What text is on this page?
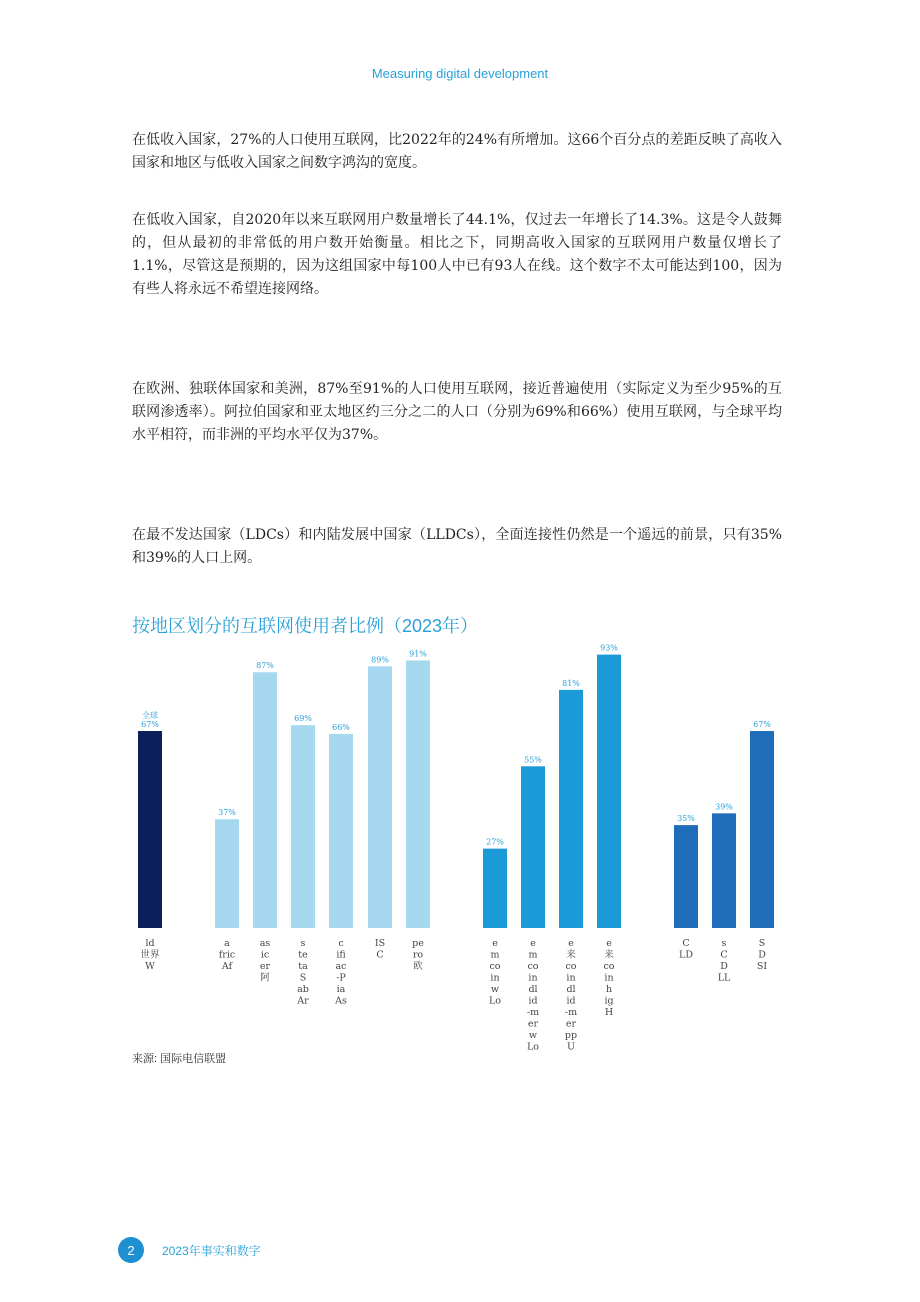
Measuring digital development

在低收入国家，27%的人口使用互联网，比2022年的24%有所增加。这66个百分点的差距反映了高收入国家和地区与低收入国家之间数字鸿沟的宽度。

在低收入国家，自2020年以来互联网用户数量增长了44.1%，仅过去一年增长了14.3%。这是令人鼓舞的，但从最初的非常低的用户数开始衡量。相比之下，同期高收入国家的互联网用户数量仅增长了1.1%，尽管这是预期的，因为这组国家中每100人中已有93人在线。这个数字不太可能达到100，因为有些人将永远不希望连接网络。

在欧洲、独联体国家和美洲，87%至91%的人口使用互联网，接近普遍使用（实际定义为至少95%的互联网渗透率）。阿拉伯国家和亚太地区约三分之二的人口（分别为69%和66%）使用互联网，与全球平均水平相符，而非洲的平均水平仅为37%。

在最不发达国家（LDCs）和内陆发展中国家（LLDCs），全面连接性仍然是一个遥远的前景，只有35%和39%的人口上网。

按地区划分的互联网使用者比例（2023年）
67%
全球
ld
世界
W
37%
a
fric
Af
87%
as
ic
er
阿
69%
s
te
ta
S
ab
Ar
66%
c
ifi
ac
-P
ia
As
89%
IS
C
91%
pe
ro
欧
27%
e
m
co
in
w
Lo
55%
e
m
co
in
dl
id
-m
er
w
Lo
81%
e
来
co
in
dl
id
-m
er
pp
U
93%
e
来
co
in
h
ig
H
35%
C
LD
39%
s
C
D
LL
67%
S
D
SI
来源: 国际电信联盟
2	2023年事实和数字
